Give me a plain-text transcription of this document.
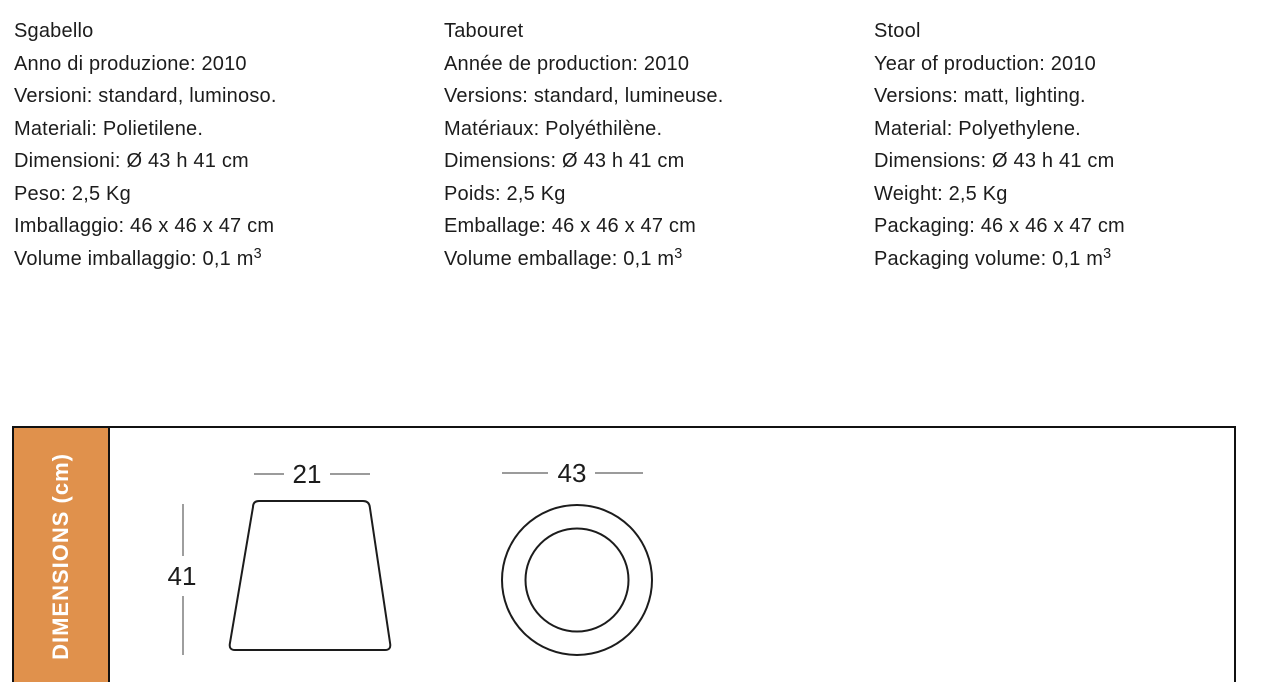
Sgabello
Anno di produzione: 2010
Versioni: standard, luminoso.
Materiali: Polietilene.
Dimensioni: Ø 43 h 41 cm
Peso: 2,5 Kg
Imballaggio: 46 x 46 x 47 cm
Volume imballaggio: 0,1 $m^3$
Tabouret
Année de production: 2010
Versions: standard, lumineuse.
Matériaux: Polyéthilène.
Dimensions: Ø 43 h 41 cm
Poids: 2,5 Kg
Emballage: 46 x 46 x 47 cm
Volume emballage: 0,1 $m^3$
Stool
Year of production: 2010
Versions: matt, lighting.
Material: Polyethylene.
Dimensions: Ø 43 h 41 cm
Weight: 2,5 Kg
Packaging: 46 x 46 x 47 cm
Packaging volume: 0,1 $m^3$
DIMENSIONS (cm)	21
41
43
